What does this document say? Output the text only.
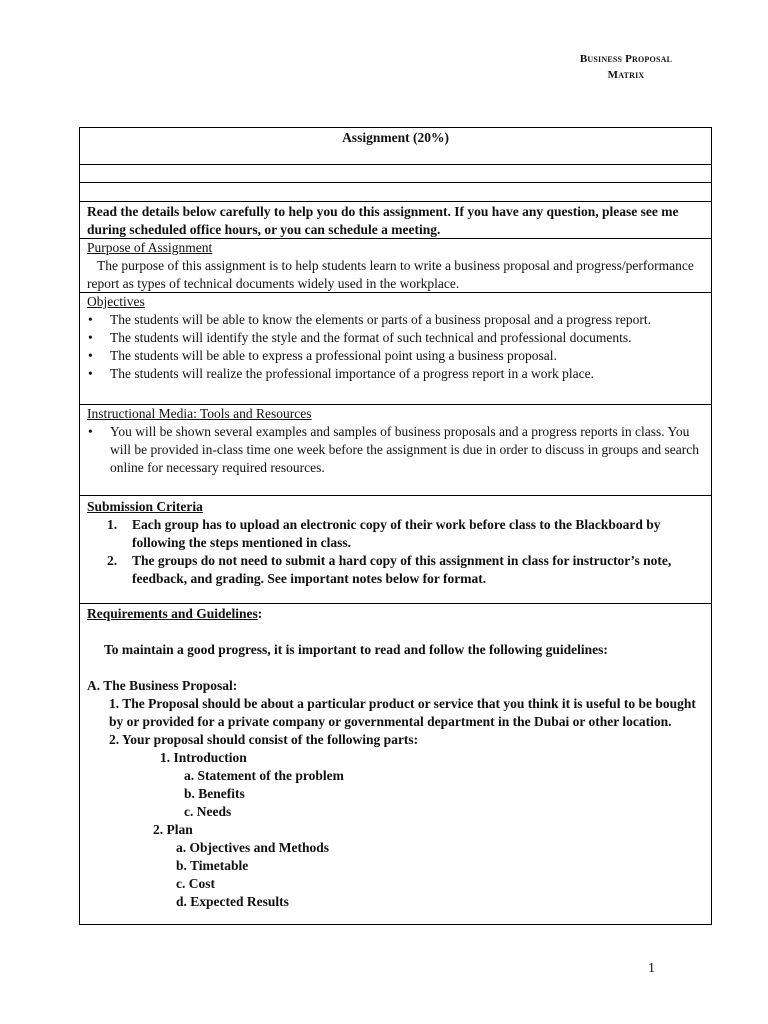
Business Proposal
Matrix
Assignment (20%)
Read the details below carefully to help you do this assignment. If you have any question, please see me during scheduled office hours, or you can schedule a meeting.
Purpose of Assignment
The purpose of this assignment is to help students learn to write a business proposal and progress/performance report as types of technical documents widely used in the workplace.
Objectives
• The students will be able to know the elements or parts of a business proposal and a progress report.
• The students will identify the style and the format of such technical and professional documents.
• The students will be able to express a professional point using a business proposal.
• The students will realize the professional importance of a progress report in a work place.
Instructional Media: Tools and Resources
• You will be shown several examples and samples of business proposals and a progress reports in class. You will be provided in-class time one week before the assignment is due in order to discuss in groups and search online for necessary required resources.
Submission Criteria
1. Each group has to upload an electronic copy of their work before class to the Blackboard by following the steps mentioned in class.
2. The groups do not need to submit a hard copy of this assignment in class for instructor’s note, feedback, and grading. See important notes below for format.
Requirements and Guidelines:
To maintain a good progress, it is important to read and follow the following guidelines:
A. The Business Proposal:
1. The Proposal should be about a particular product or service that you think it is useful to be bought by or provided for a private company or governmental department in the Dubai or other location.
2. Your proposal should consist of the following parts:
1. Introduction
a. Statement of the problem
b. Benefits
c. Needs
2. Plan
a. Objectives and Methods
b. Timetable
c. Cost
d. Expected Results
1
